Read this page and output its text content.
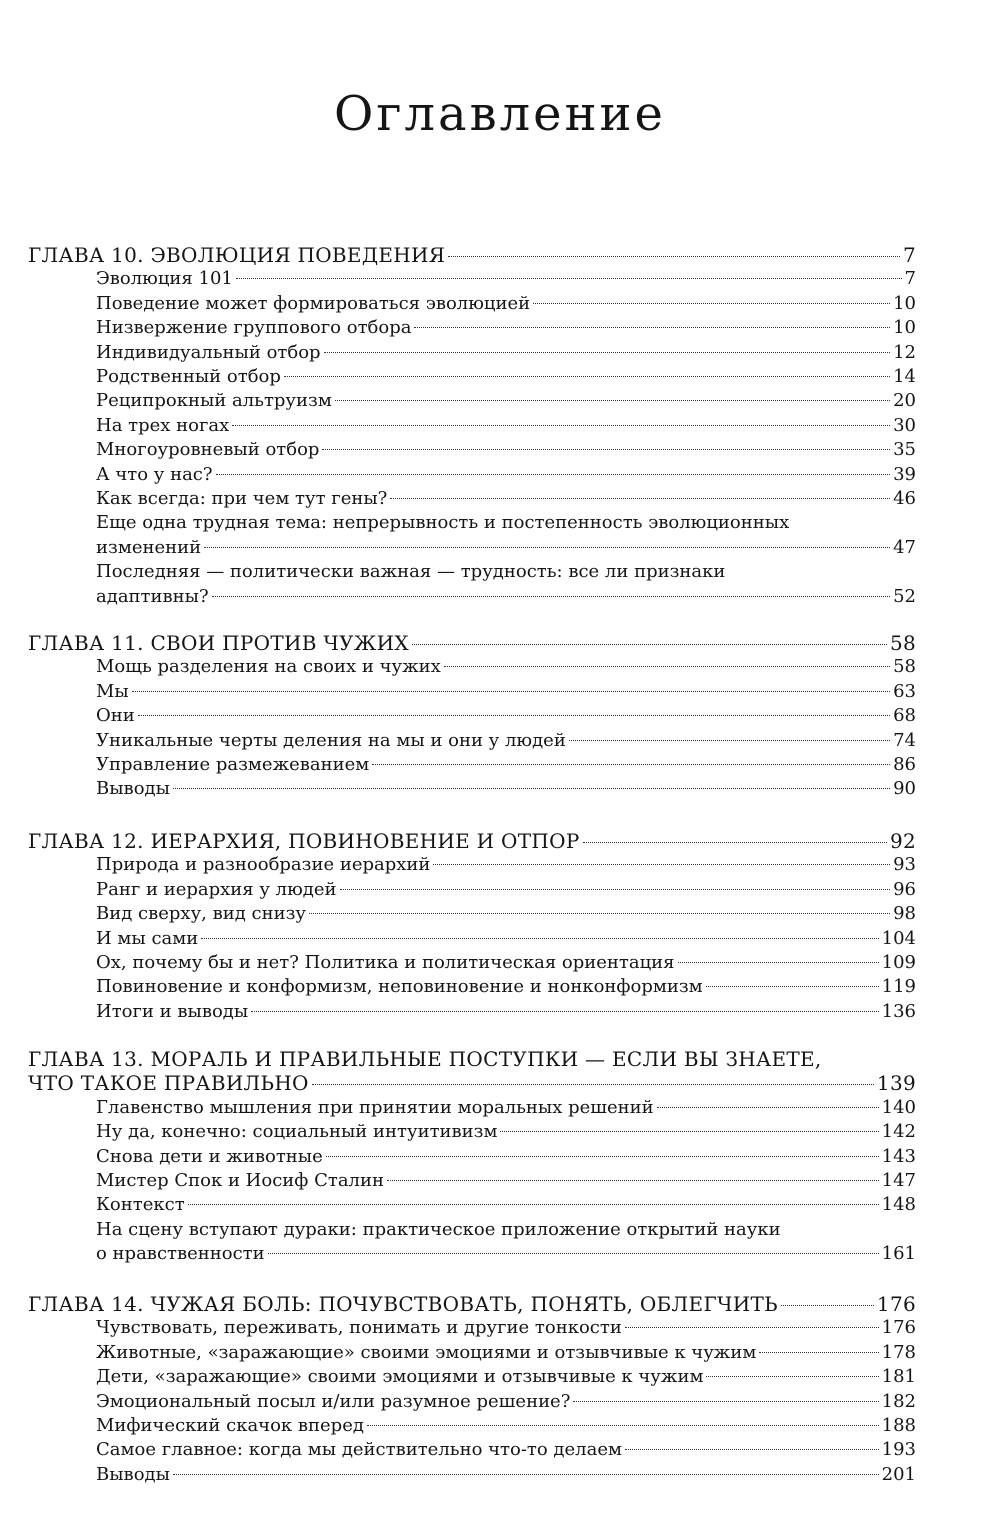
Оглавление
ГЛАВА 10. ЭВОЛЮЦИЯ ПОВЕДЕНИЯ	7
Эволюция 101	7
Поведение может формироваться эволюцией	10
Низвержение группового отбора	10
Индивидуальный отбор	12
Родственный отбор	14
Реципрокный альтруизм	20
На трех ногах	30
Многоуровневый отбор	35
А что у нас?	39
Как всегда: при чем тут гены?	46
Еще одна трудная тема: непрерывность и постепенность эволюционных
изменений	47
Последняя — политически важная — трудность: все ли признаки
адаптивны?	52
ГЛАВА 11. СВОИ ПРОТИВ ЧУЖИХ	58
Мощь разделения на своих и чужих	58
Мы	63
Они	68
Уникальные черты деления на мы и они у людей	74
Управление размежеванием	86
Выводы	90
ГЛАВА 12. ИЕРАРХИЯ, ПОВИНОВЕНИЕ И ОТПОР	92
Природа и разнообразие иерархий	93
Ранг и иерархия у людей	96
Вид сверху, вид снизу	98
И мы сами	104
Ох, почему бы и нет? Политика и политическая ориентация	109
Повиновение и конформизм, неповиновение и нонконформизм	119
Итоги и выводы	136
ГЛАВА 13. МОРАЛЬ И ПРАВИЛЬНЫЕ ПОСТУПКИ — ЕСЛИ ВЫ ЗНАЕТЕ,
ЧТО ТАКОЕ ПРАВИЛЬНО	139
Главенство мышления при принятии моральных решений	140
Ну да, конечно: социальный интуитивизм	142
Снова дети и животные	143
Мистер Спок и Иосиф Сталин	147
Контекст	148
На сцену вступают дураки: практическое приложение открытий науки
о нравственности	161
ГЛАВА 14. ЧУЖАЯ БОЛЬ: ПОЧУВСТВОВАТЬ, ПОНЯТЬ, ОБЛЕГЧИТЬ	176
Чувствовать, переживать, понимать и другие тонкости	176
Животные, «заражающие» своими эмоциями и отзывчивые к чужим	178
Дети, «заражающие» своими эмоциями и отзывчивые к чужим	181
Эмоциональный посыл и/или разумное решение?	182
Мифический скачок вперед	188
Самое главное: когда мы действительно что-то делаем	193
Выводы	201
